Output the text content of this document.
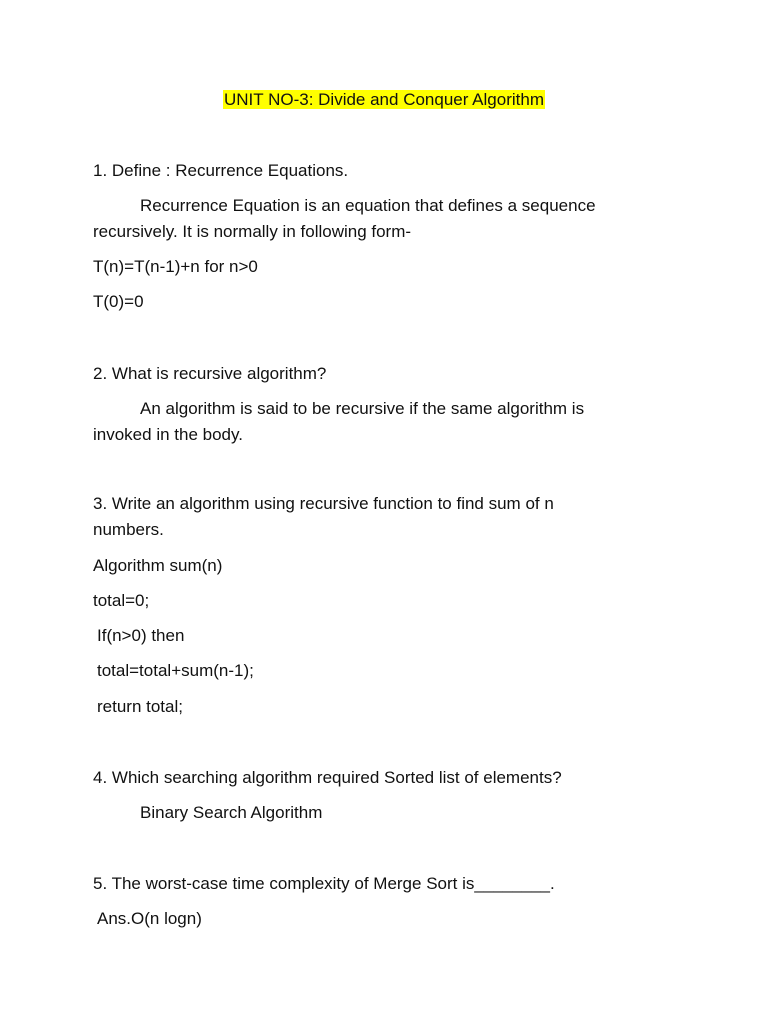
UNIT NO-3: Divide and Conquer Algorithm
1. Define : Recurrence Equations.
Recurrence Equation is an equation that defines a sequence
recursively. It is normally in following form-
T(n)=T(n-1)+n for n>0
T(0)=0
2. What is recursive algorithm?
An algorithm is said to be recursive if the same algorithm is
invoked in the body.
3. Write an algorithm using recursive function to find sum of n
numbers.
Algorithm sum(n)
total=0;
If(n>0) then
total=total+sum(n-1);
return total;
4. Which searching algorithm required Sorted list of elements?
Binary Search Algorithm
5. The worst-case time complexity of Merge Sort is________.
Ans.O(n logn)
